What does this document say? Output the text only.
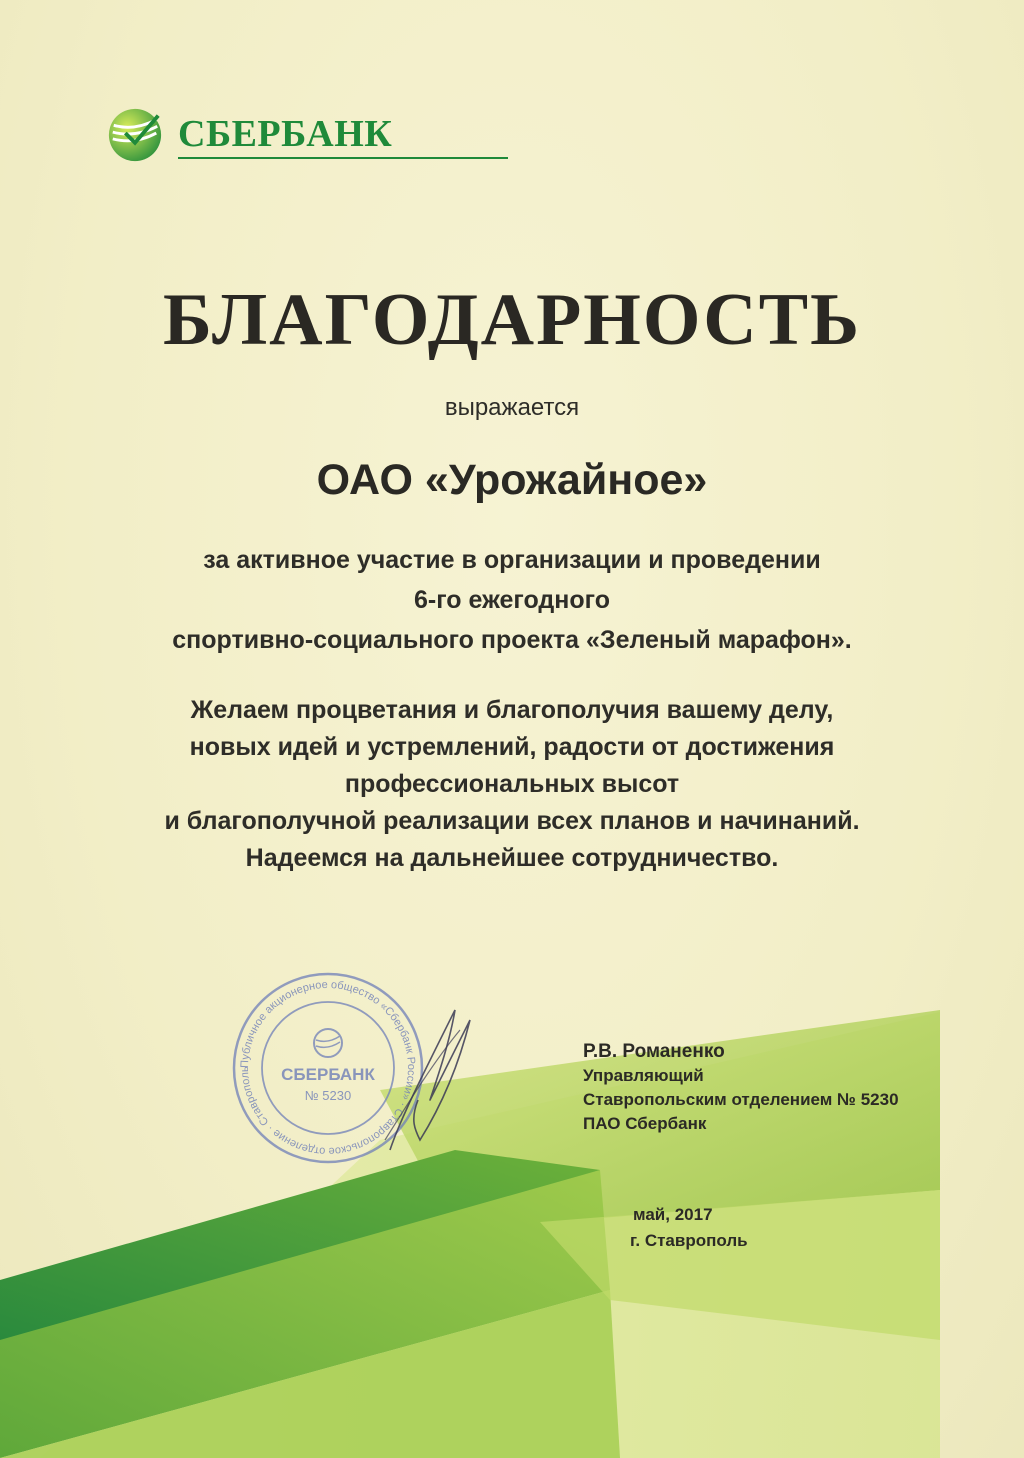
СБЕРБАНК
БЛАГОДАРНОСТЬ
выражается
ОАО «Урожайное»
за активное участие в организации и проведении
6-го ежегодного
спортивно-социального проекта «Зеленый марафон».
Желаем процветания и благополучия вашему делу,
новых идей и устремлений, радости от достижения
профессиональных высот
и благополучной реализации всех планов и начинаний.
Надеемся на дальнейшее сотрудничество.
Публичное акционерное общество «Сбербанк России» · Ставропольское отделение · Ставрополь	СБЕРБАНК
№ 5230
Р.В. Романенко
Управляющий
Ставропольским отделением № 5230
ПАО Сбербанк
май, 2017
г. Ставрополь
